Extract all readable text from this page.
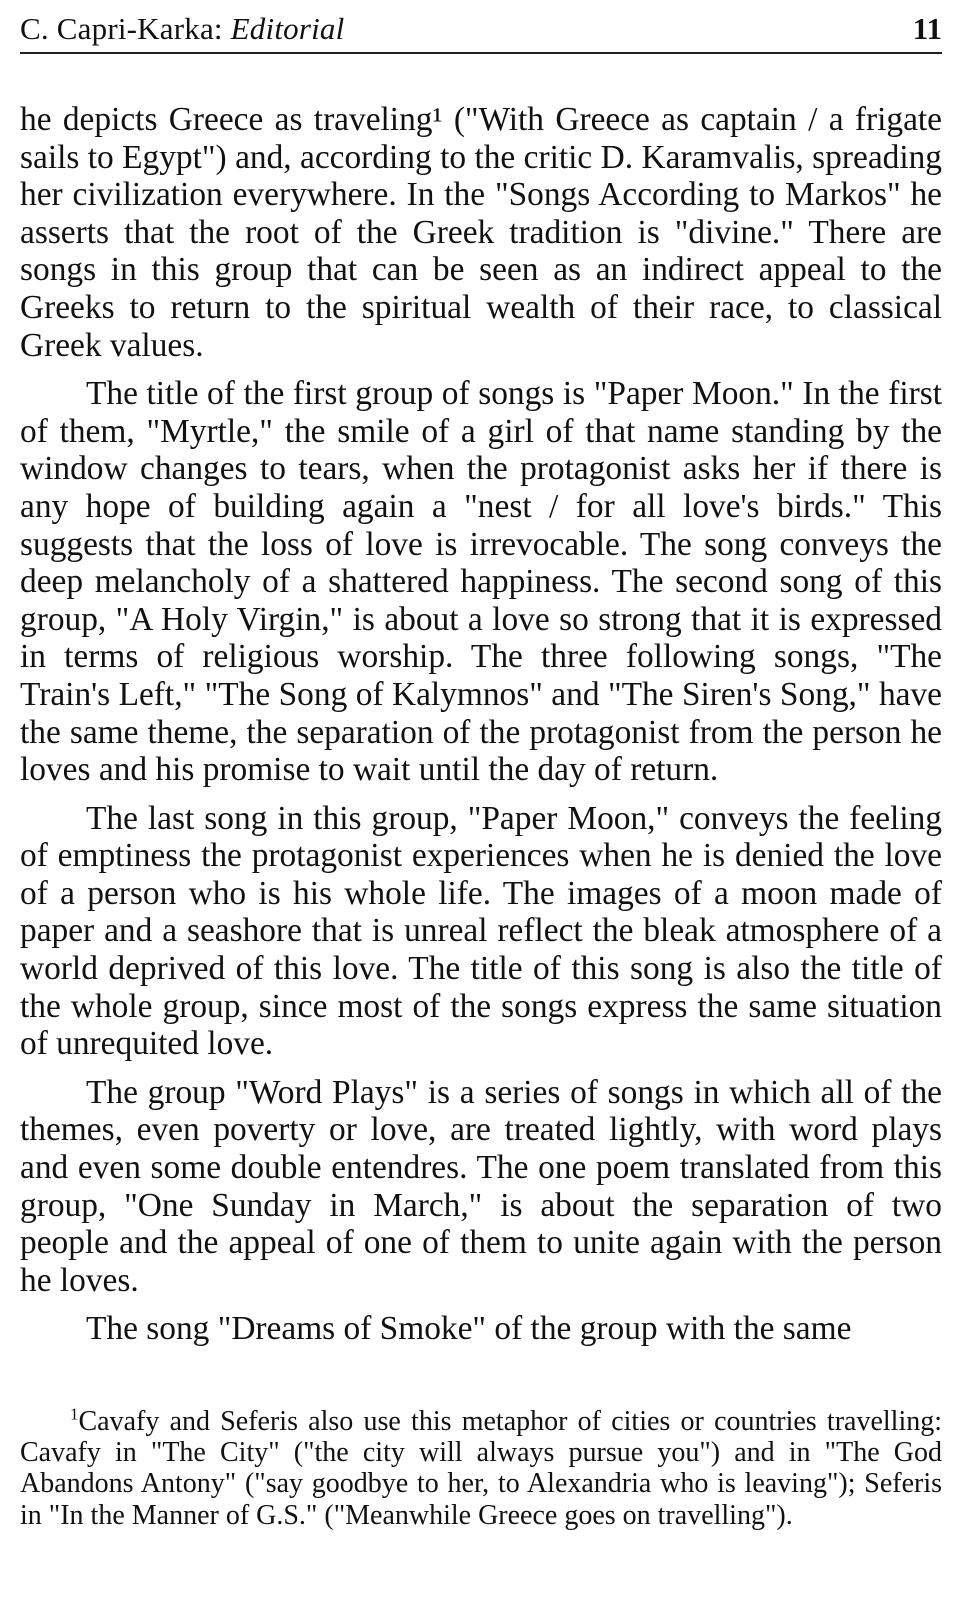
C. Capri-Karka: Editorial	11

he depicts Greece as traveling¹ ("With Greece as captain / a frigate sails to Egypt") and, according to the critic D. Karamvalis, spreading her civilization everywhere. In the "Songs According to Markos" he asserts that the root of the Greek tradition is "divine." There are songs in this group that can be seen as an indirect appeal to the Greeks to return to the spiritual wealth of their race, to classical Greek values.

The title of the first group of songs is "Paper Moon." In the first of them, "Myrtle," the smile of a girl of that name standing by the window changes to tears, when the protagonist asks her if there is any hope of building again a "nest / for all love's birds." This suggests that the loss of love is irrevocable. The song conveys the deep melancholy of a shattered happiness. The second song of this group, "A Holy Virgin," is about a love so strong that it is expressed in terms of religious worship. The three following songs, "The Train's Left," "The Song of Kalymnos" and "The Siren's Song," have the same theme, the separation of the protagonist from the person he loves and his promise to wait until the day of return.

The last song in this group, "Paper Moon," conveys the feeling of emptiness the protagonist experiences when he is denied the love of a person who is his whole life. The images of a moon made of paper and a seashore that is unreal reflect the bleak atmosphere of a world deprived of this love. The title of this song is also the title of the whole group, since most of the songs express the same situation of unrequited love.

The group "Word Plays" is a series of songs in which all of the themes, even poverty or love, are treated lightly, with word plays and even some double entendres. The one poem translated from this group, "One Sunday in March," is about the separation of two people and the appeal of one of them to unite again with the person he loves.

The song "Dreams of Smoke" of the group with the same

$^1$Cavafy and Seferis also use this metaphor of cities or countries travelling: Cavafy in "The City" ("the city will always pursue you") and in "The God Abandons Antony" ("say goodbye to her, to Alexandria who is leaving"); Seferis in "In the Manner of G.S." ("Meanwhile Greece goes on travelling").
